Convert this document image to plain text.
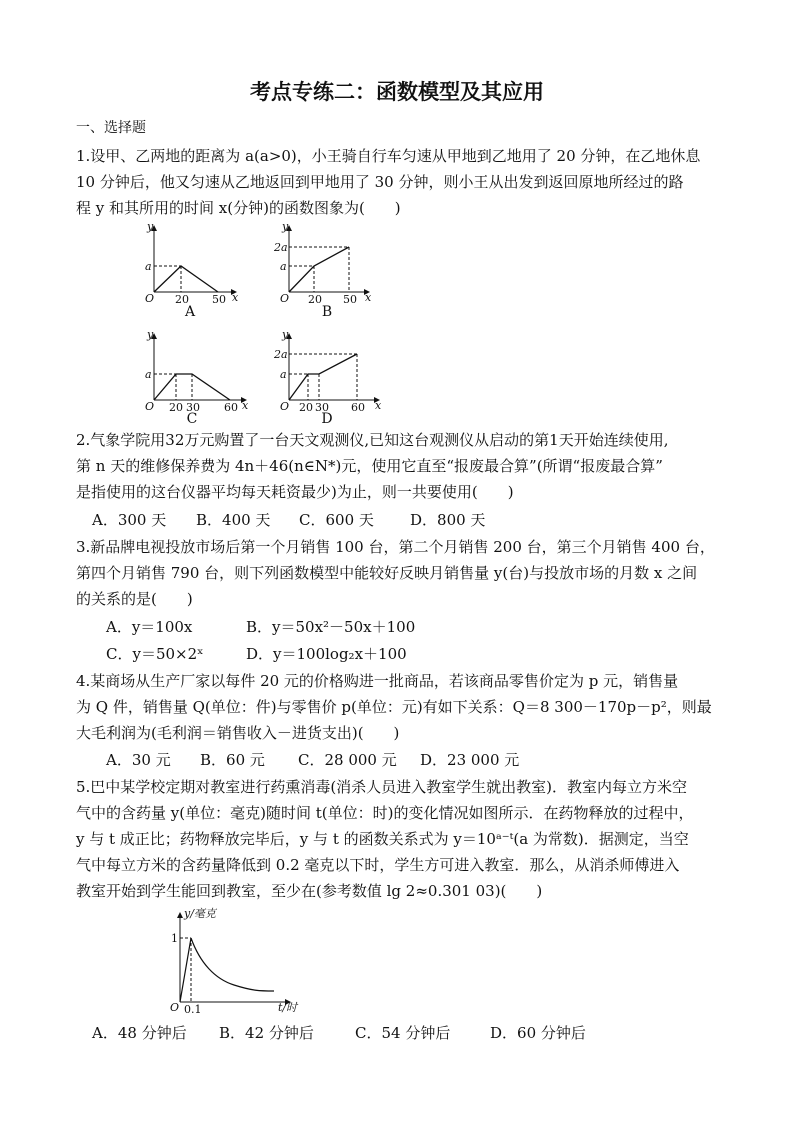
考点专练二：函数模型及其应用
一、选择题
1.设甲、乙两地的距离为 a(a>0)，小王骑自行车匀速从甲地到乙地用了 20 分钟，在乙地休息
10 分钟后，他又匀速从乙地返回到甲地用了 30 分钟，则小王从出发到返回原地所经过的路
程 y 和其所用的时间 x(分钟)的函数图象为(　　)
y
x
O
a
20 50
A
y
x
O
a
2a
20 50
B
y
x
O
a
20 30 60
C
y
x
O
a
2a
20 30 60
D
2.气象学院用32万元购置了一台天文观测仪,已知这台观测仪从启动的第1天开始连续使用,
第 n 天的维修保养费为 4n＋46(n∈N*)元，使用它直至“报废最合算”(所谓“报废最合算”
是指使用的这台仪器平均每天耗资最少)为止，则一共要使用(　　)
A．300 天 B．400 天 C．600 天 D．800 天
3.新品牌电视投放市场后第一个月销售 100 台，第二个月销售 200 台，第三个月销售 400 台，
第四个月销售 790 台，则下列函数模型中能较好反映月销售量 y(台)与投放市场的月数 x 之间
的关系的是(　　)
A．y＝100x	B．y＝50x²－50x＋100
C．y＝50×2ˣ	D．y＝100log₂x＋100
4.某商场从生产厂家以每件 20 元的价格购进一批商品，若该商品零售价定为 p 元，销售量
为 Q 件，销售量 Q(单位：件)与零售价 p(单位：元)有如下关系：Q＝8 300－170p－p²，则最
大毛利润为(毛利润＝销售收入－进货支出)(　　)
A．30 元 B．60 元 C．28 000 元 D．23 000 元
5.巴中某学校定期对教室进行药熏消毒(消杀人员进入教室学生就出教室)．教室内每立方米空
气中的含药量 y(单位：毫克)随时间 t(单位：时)的变化情况如图所示．在药物释放的过程中，
y 与 t 成正比；药物释放完毕后，y 与 t 的函数关系式为 y＝10ᵃ⁻ᵗ(a 为常数)．据测定，当空
气中每立方米的含药量降低到 0.2 毫克以下时，学生方可进入教室．那么，从消杀师傅进入
教室开始到学生能回到教室，至少在(参考数值 lg 2≈0.301 03)(　　)
y/毫克
t/时
O
1
0.1
A．48 分钟后 B．42 分钟后	C．54 分钟后	D．60 分钟后
